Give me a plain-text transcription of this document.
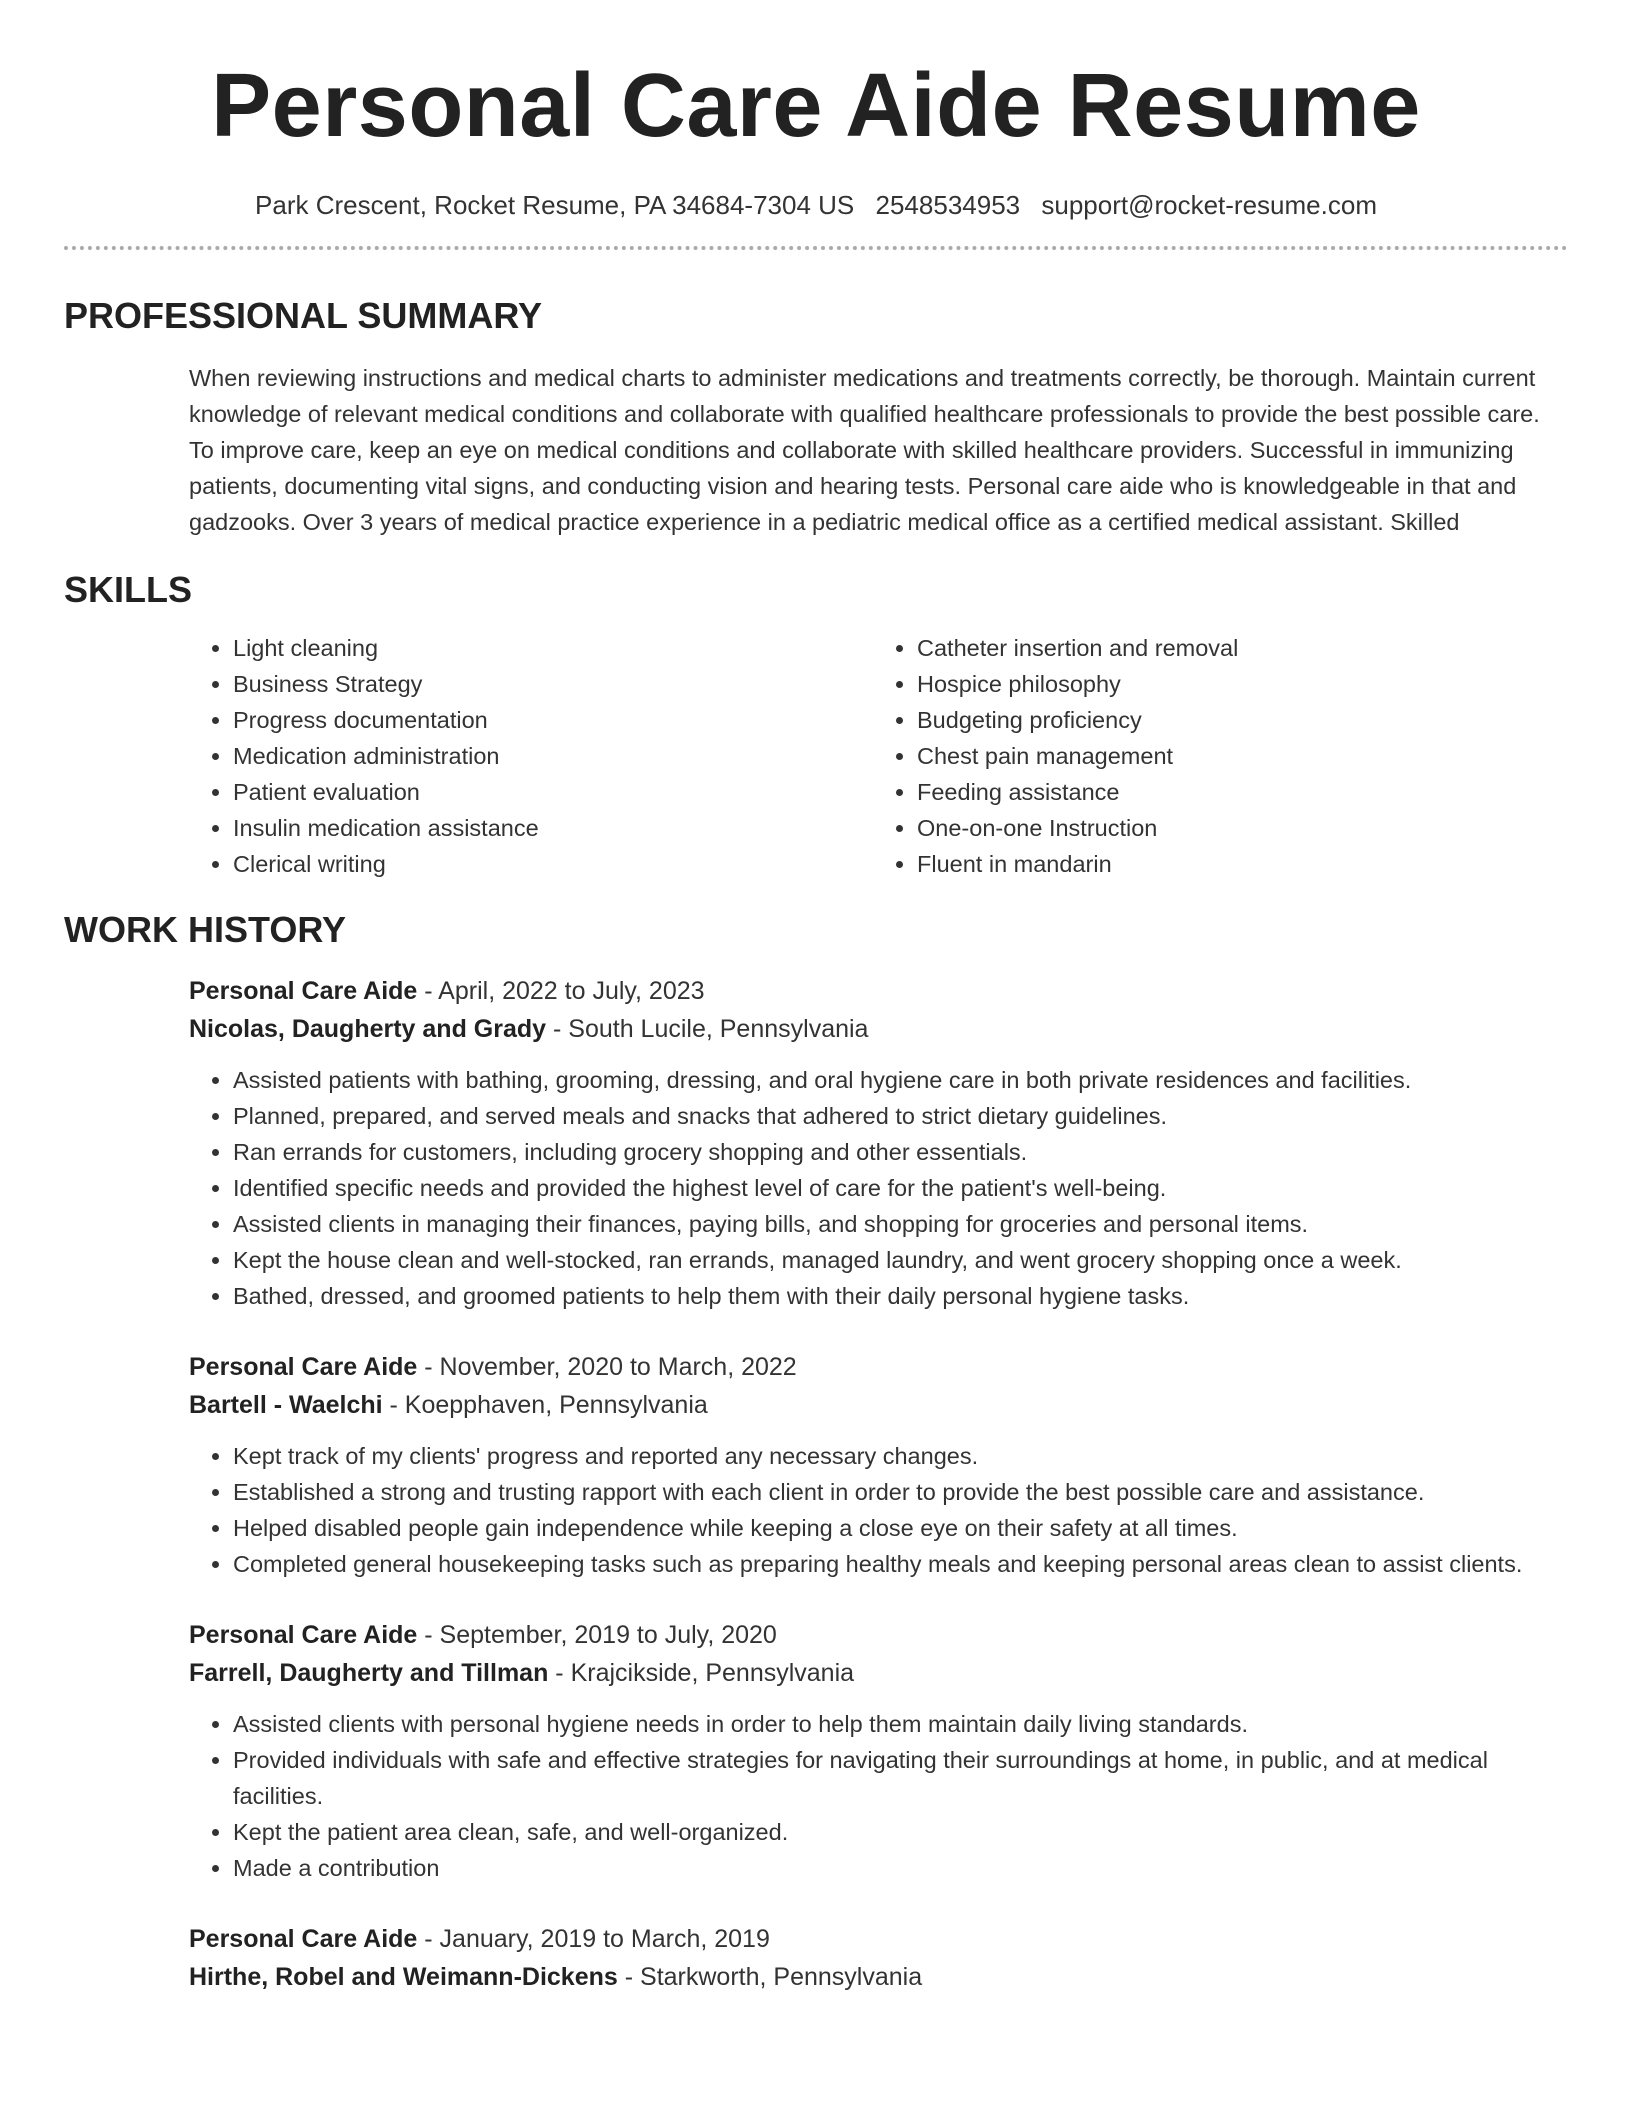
Personal Care Aide Resume
Park Crescent, Rocket Resume, PA 34684-7304 US 2548534953 support@rocket-resume.com
PROFESSIONAL SUMMARY

When reviewing instructions and medical charts to administer medications and treatments correctly, be thorough. Maintain current knowledge of relevant medical conditions and collaborate with qualified healthcare professionals to provide the best possible care. To improve care, keep an eye on medical conditions and collaborate with skilled healthcare providers. Successful in immunizing patients, documenting vital signs, and conducting vision and hearing tests. Personal care aide who is knowledgeable in that and gadzooks. Over 3 years of medical practice experience in a pediatric medical office as a certified medical assistant. Skilled

SKILLS
• Light cleaning
• Business Strategy
• Progress documentation
• Medication administration
• Patient evaluation
• Insulin medication assistance
• Clerical writing
• Catheter insertion and removal
• Hospice philosophy
• Budgeting proficiency
• Chest pain management
• Feeding assistance
• One-on-one Instruction
• Fluent in mandarin
WORK HISTORY
Personal Care Aide - April, 2022 to July, 2023
Nicolas, Daugherty and Grady - South Lucile, Pennsylvania
• Assisted patients with bathing, grooming, dressing, and oral hygiene care in both private residences and facilities.
• Planned, prepared, and served meals and snacks that adhered to strict dietary guidelines.
• Ran errands for customers, including grocery shopping and other essentials.
• Identified specific needs and provided the highest level of care for the patient's well-being.
• Assisted clients in managing their finances, paying bills, and shopping for groceries and personal items.
• Kept the house clean and well-stocked, ran errands, managed laundry, and went grocery shopping once a week.
• Bathed, dressed, and groomed patients to help them with their daily personal hygiene tasks.
Personal Care Aide - November, 2020 to March, 2022
Bartell - Waelchi - Koepphaven, Pennsylvania
• Kept track of my clients' progress and reported any necessary changes.
• Established a strong and trusting rapport with each client in order to provide the best possible care and assistance.
• Helped disabled people gain independence while keeping a close eye on their safety at all times.
• Completed general housekeeping tasks such as preparing healthy meals and keeping personal areas clean to assist clients.
Personal Care Aide - September, 2019 to July, 2020
Farrell, Daugherty and Tillman - Krajcikside, Pennsylvania
• Assisted clients with personal hygiene needs in order to help them maintain daily living standards.
• Provided individuals with safe and effective strategies for navigating their surroundings at home, in public, and at medical facilities.
• Kept the patient area clean, safe, and well-organized.
• Made a contribution
Personal Care Aide - January, 2019 to March, 2019
Hirthe, Robel and Weimann-Dickens - Starkworth, Pennsylvania
